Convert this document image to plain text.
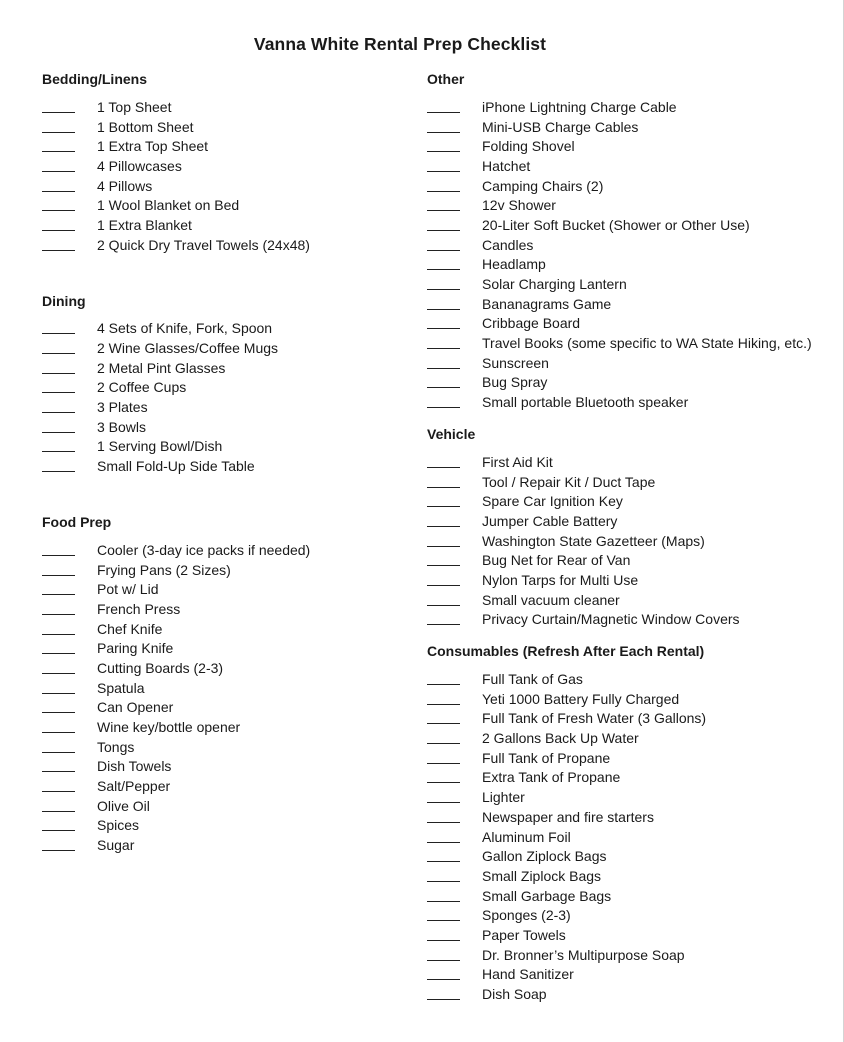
Vanna White Rental Prep Checklist
Bedding/Linens
1 Top Sheet
1 Bottom Sheet
1 Extra Top Sheet
4 Pillowcases
4 Pillows
1 Wool Blanket on Bed
1 Extra Blanket
2 Quick Dry Travel Towels (24x48)
Dining
4 Sets of Knife, Fork, Spoon
2 Wine Glasses/Coffee Mugs
2 Metal Pint Glasses
2 Coffee Cups
3 Plates
3 Bowls
1 Serving Bowl/Dish
Small Fold-Up Side Table
Food Prep
Cooler (3-day ice packs if needed)
Frying Pans (2 Sizes)
Pot w/ Lid
French Press
Chef Knife
Paring Knife
Cutting Boards (2-3)
Spatula
Can Opener
Wine key/bottle opener
Tongs
Dish Towels
Salt/Pepper
Olive Oil
Spices
Sugar
Other
iPhone Lightning Charge Cable
Mini-USB Charge Cables
Folding Shovel
Hatchet
Camping Chairs (2)
12v Shower
20-Liter Soft Bucket (Shower or Other Use)
Candles
Headlamp
Solar Charging Lantern
Bananagrams Game
Cribbage Board
Travel Books (some specific to WA State Hiking, etc.)
Sunscreen
Bug Spray
Small portable Bluetooth speaker
Vehicle
First Aid Kit
Tool / Repair Kit / Duct Tape
Spare Car Ignition Key
Jumper Cable Battery
Washington State Gazetteer (Maps)
Bug Net for Rear of Van
Nylon Tarps for Multi Use
Small vacuum cleaner
Privacy Curtain/Magnetic Window Covers
Consumables (Refresh After Each Rental)
Full Tank of Gas
Yeti 1000 Battery Fully Charged
Full Tank of Fresh Water (3 Gallons)
2 Gallons Back Up Water
Full Tank of Propane
Extra Tank of Propane
Lighter
Newspaper and fire starters
Aluminum Foil
Gallon Ziplock Bags
Small Ziplock Bags
Small Garbage Bags
Sponges (2-3)
Paper Towels
Dr. Bronner’s Multipurpose Soap
Hand Sanitizer
Dish Soap
